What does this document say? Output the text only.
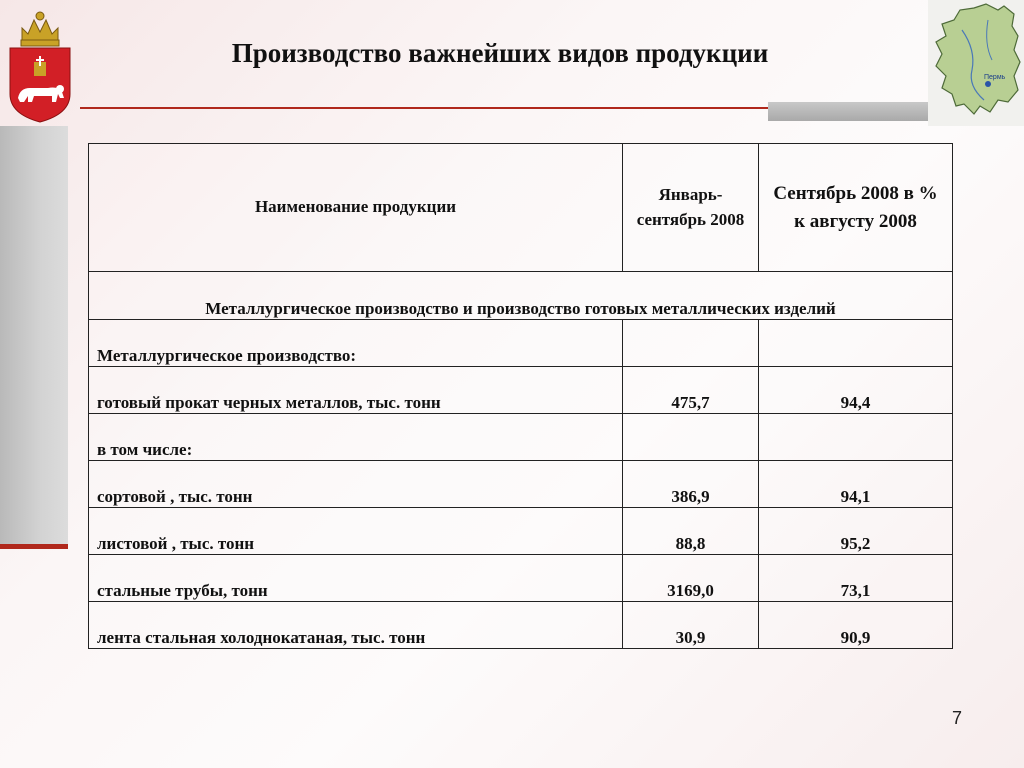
Производство важнейших видов продукции
Пермь
Наименование продукции	Январь-сентябрь 2008	Сентябрь 2008 в % к августу 2008
Металлургическое производство и производство готовых металлических изделий		
Металлургическое производство:		
готовый прокат черных металлов, тыс. тонн	475,7	94,4
в том числе:		
сортовой , тыс. тонн	386,9	94,1
листовой , тыс. тонн	88,8	95,2
стальные трубы, тонн	3169,0	73,1
лента стальная холоднокатаная, тыс. тонн	30,9	90,9
7
